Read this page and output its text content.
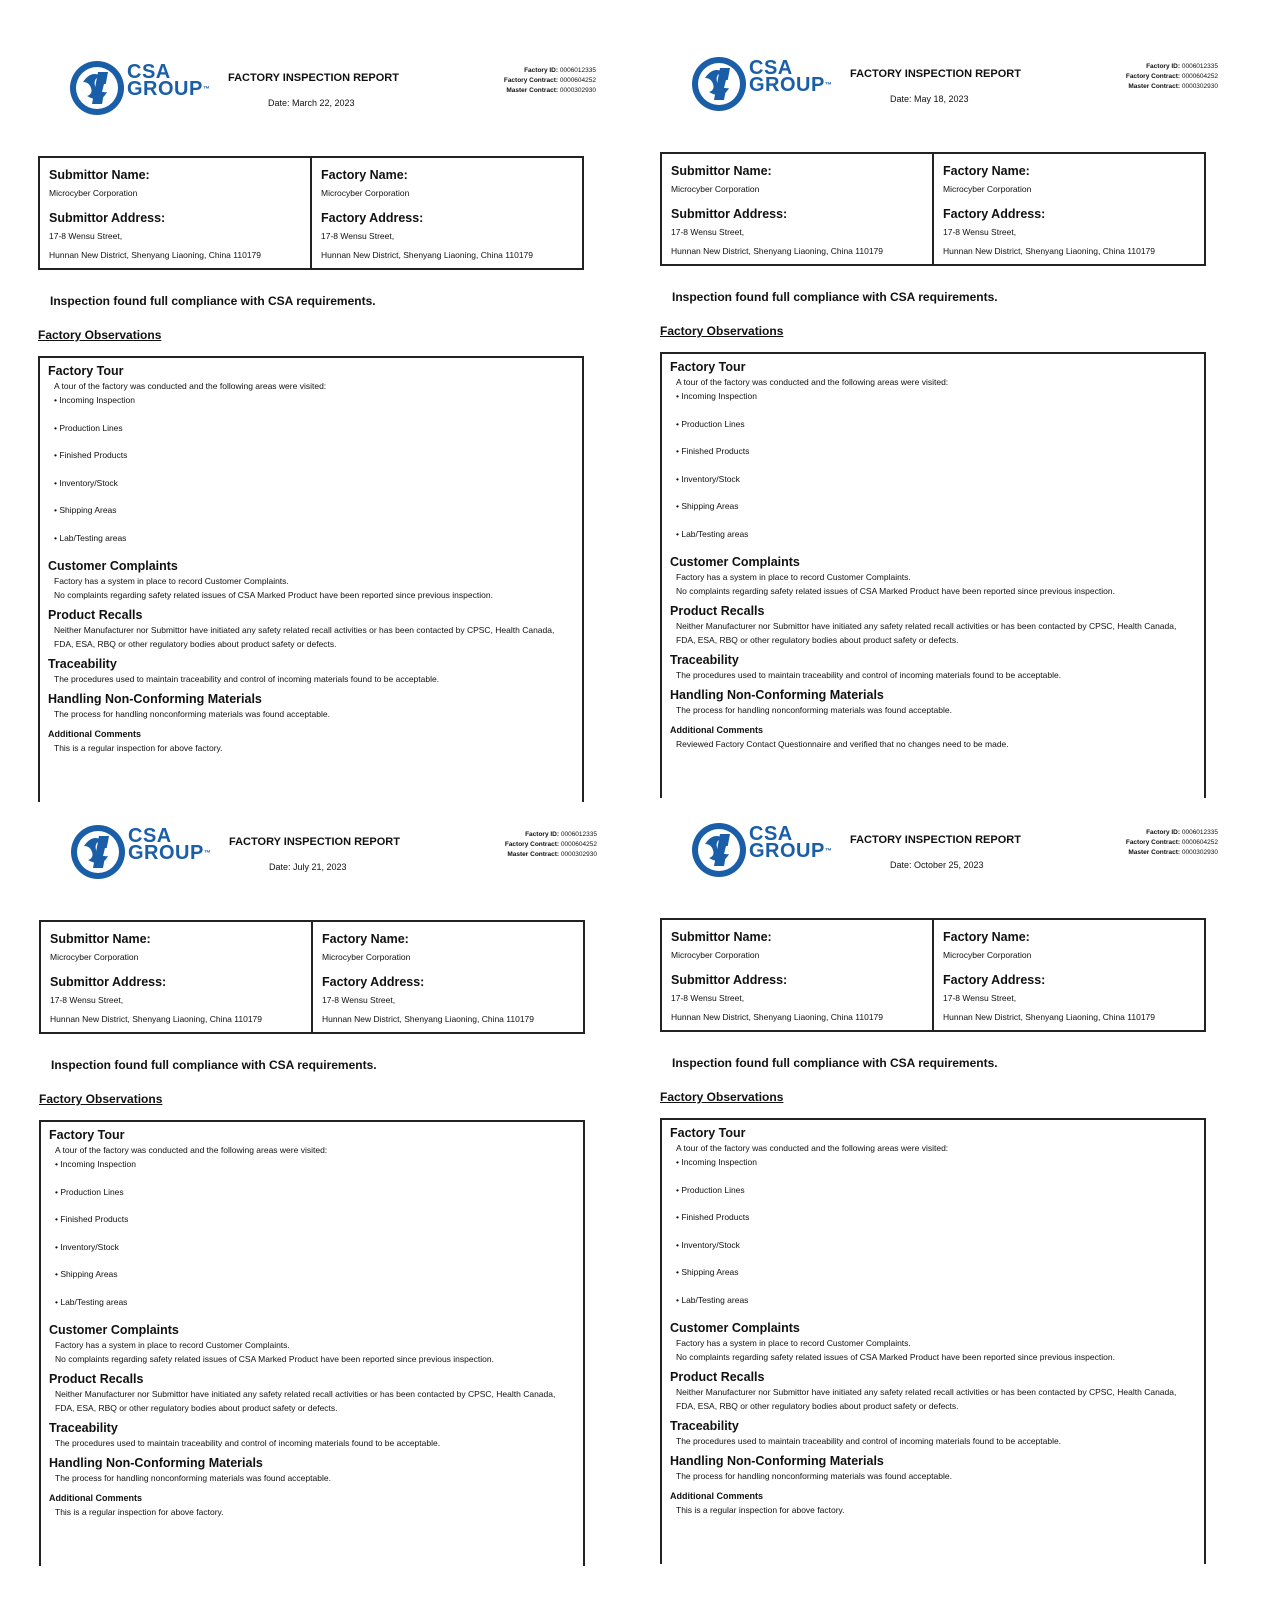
CSA
GROUP™
FACTORY INSPECTION REPORT
Date: March 22, 2023
Factory ID: 0006012335
Factory Contract: 0000604252
Master Contract: 0000302930
Submittor Name:

Microcyber Corporation

Submittor Address:

17-8 Wensu Street,

Hunnan New District, Shenyang Liaoning, China 110179

Factory Name:

Microcyber Corporation

Factory Address:

17-8 Wensu Street,

Hunnan New District, Shenyang Liaoning, China 110179

Inspection found full compliance with CSA requirements.
Factory Observations
Factory Tour

A tour of the factory was conducted and the following areas were visited:

• Incoming Inspection
• Production Lines
• Finished Products
• Inventory/Stock
• Shipping Areas
• Lab/Testing areas
Customer Complaints

Factory has a system in place to record Customer Complaints.

No complaints regarding safety related issues of CSA Marked Product have been reported since previous inspection.

Product Recalls

Neither Manufacturer nor Submittor have initiated any safety related recall activities or has been contacted by CPSC, Health Canada, FDA, ESA, RBQ or other regulatory bodies about product safety or defects.

Traceability

The procedures used to maintain traceability and control of incoming materials found to be acceptable.

Handling Non-Conforming Materials

The process for handling nonconforming materials was found acceptable.

Additional Comments

This is a regular inspection for above factory.

CSA
GROUP™
FACTORY INSPECTION REPORT
Date: May 18, 2023
Factory ID: 0006012335
Factory Contract: 0000604252
Master Contract: 0000302930
Submittor Name:

Microcyber Corporation

Submittor Address:

17-8 Wensu Street,

Hunnan New District, Shenyang Liaoning, China 110179

Factory Name:

Microcyber Corporation

Factory Address:

17-8 Wensu Street,

Hunnan New District, Shenyang Liaoning, China 110179

Inspection found full compliance with CSA requirements.
Factory Observations
Factory Tour

A tour of the factory was conducted and the following areas were visited:

• Incoming Inspection
• Production Lines
• Finished Products
• Inventory/Stock
• Shipping Areas
• Lab/Testing areas
Customer Complaints

Factory has a system in place to record Customer Complaints.

No complaints regarding safety related issues of CSA Marked Product have been reported since previous inspection.

Product Recalls

Neither Manufacturer nor Submittor have initiated any safety related recall activities or has been contacted by CPSC, Health Canada, FDA, ESA, RBQ or other regulatory bodies about product safety or defects.

Traceability

The procedures used to maintain traceability and control of incoming materials found to be acceptable.

Handling Non-Conforming Materials

The process for handling nonconforming materials was found acceptable.

Additional Comments

Reviewed Factory Contact Questionnaire and verified that no changes need to be made.

CSA
GROUP™
FACTORY INSPECTION REPORT
Date: July 21, 2023
Factory ID: 0006012335
Factory Contract: 0000604252
Master Contract: 0000302930
Submittor Name:

Microcyber Corporation

Submittor Address:

17-8 Wensu Street,

Hunnan New District, Shenyang Liaoning, China 110179

Factory Name:

Microcyber Corporation

Factory Address:

17-8 Wensu Street,

Hunnan New District, Shenyang Liaoning, China 110179

Inspection found full compliance with CSA requirements.
Factory Observations
Factory Tour

A tour of the factory was conducted and the following areas were visited:

• Incoming Inspection
• Production Lines
• Finished Products
• Inventory/Stock
• Shipping Areas
• Lab/Testing areas
Customer Complaints

Factory has a system in place to record Customer Complaints.

No complaints regarding safety related issues of CSA Marked Product have been reported since previous inspection.

Product Recalls

Neither Manufacturer nor Submittor have initiated any safety related recall activities or has been contacted by CPSC, Health Canada, FDA, ESA, RBQ or other regulatory bodies about product safety or defects.

Traceability

The procedures used to maintain traceability and control of incoming materials found to be acceptable.

Handling Non-Conforming Materials

The process for handling nonconforming materials was found acceptable.

Additional Comments

This is a regular inspection for above factory.

CSA
GROUP™
FACTORY INSPECTION REPORT
Date: October 25, 2023
Factory ID: 0006012335
Factory Contract: 0000604252
Master Contract: 0000302930
Submittor Name:

Microcyber Corporation

Submittor Address:

17-8 Wensu Street,

Hunnan New District, Shenyang Liaoning, China 110179

Factory Name:

Microcyber Corporation

Factory Address:

17-8 Wensu Street,

Hunnan New District, Shenyang Liaoning, China 110179

Inspection found full compliance with CSA requirements.
Factory Observations
Factory Tour

A tour of the factory was conducted and the following areas were visited:

• Incoming Inspection
• Production Lines
• Finished Products
• Inventory/Stock
• Shipping Areas
• Lab/Testing areas
Customer Complaints

Factory has a system in place to record Customer Complaints.

No complaints regarding safety related issues of CSA Marked Product have been reported since previous inspection.

Product Recalls

Neither Manufacturer nor Submittor have initiated any safety related recall activities or has been contacted by CPSC, Health Canada, FDA, ESA, RBQ or other regulatory bodies about product safety or defects.

Traceability

The procedures used to maintain traceability and control of incoming materials found to be acceptable.

Handling Non-Conforming Materials

The process for handling nonconforming materials was found acceptable.

Additional Comments

This is a regular inspection for above factory.
